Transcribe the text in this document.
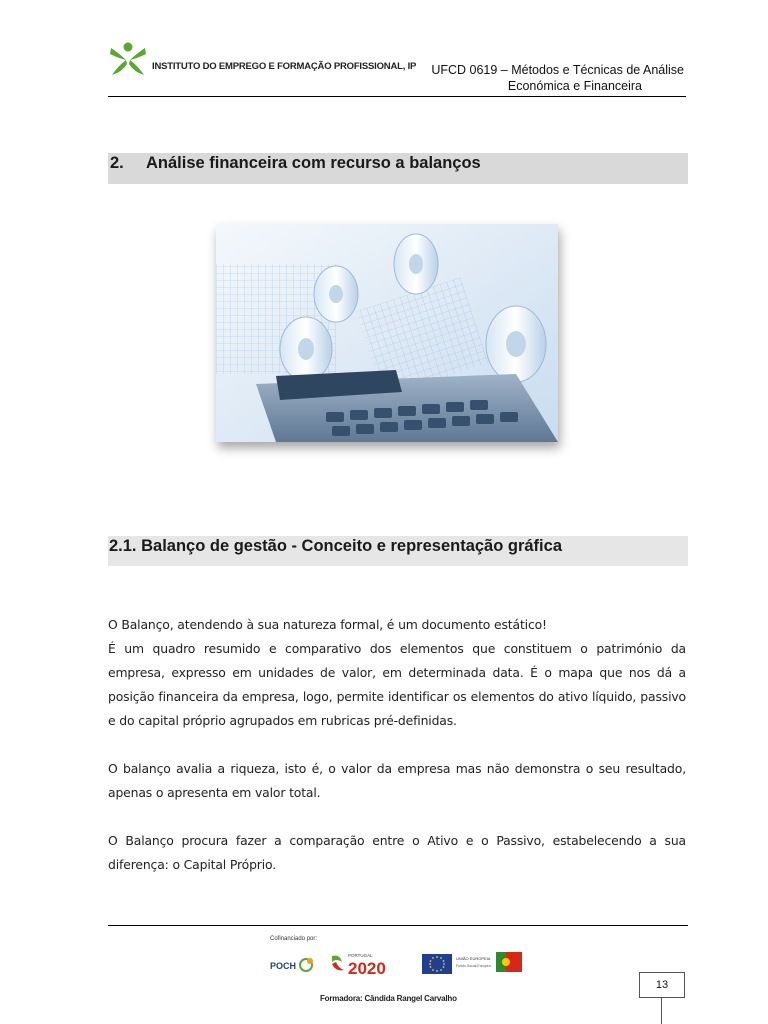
INSTITUTO DO EMPREGO E FORMAÇÃO PROFISSIONAL, IP UFCD 0619 – Métodos e Técnicas de Análise

Económica e Financeira
2. Análise financeira com recurso a balanços
2.1. Balanço de gestão - Conceito e representação gráfica

O Balanço, atendendo à sua natureza formal, é um documento estático!

É um quadro resumido e comparativo dos elementos que constituem o património da empresa, expresso em unidades de valor, em determinada data. É o mapa que nos dá a posição financeira da empresa, logo, permite identificar os elementos do ativo líquido, passivo e do capital próprio agrupados em rubricas pré-definidas.

O balanço avalia a riqueza, isto é, o valor da empresa mas não demonstra o seu resultado, apenas o apresenta em valor total.

O Balanço procura fazer a comparação entre o Ativo e o Passivo, estabelecendo a sua diferença: o Capital Próprio.

Cofinanciado por:
POCH
PORTUGAL
2020
UNIÃO EUROPEIA
Fundo Social Europeu
Formadora: Cândida Rangel Carvalho
13
